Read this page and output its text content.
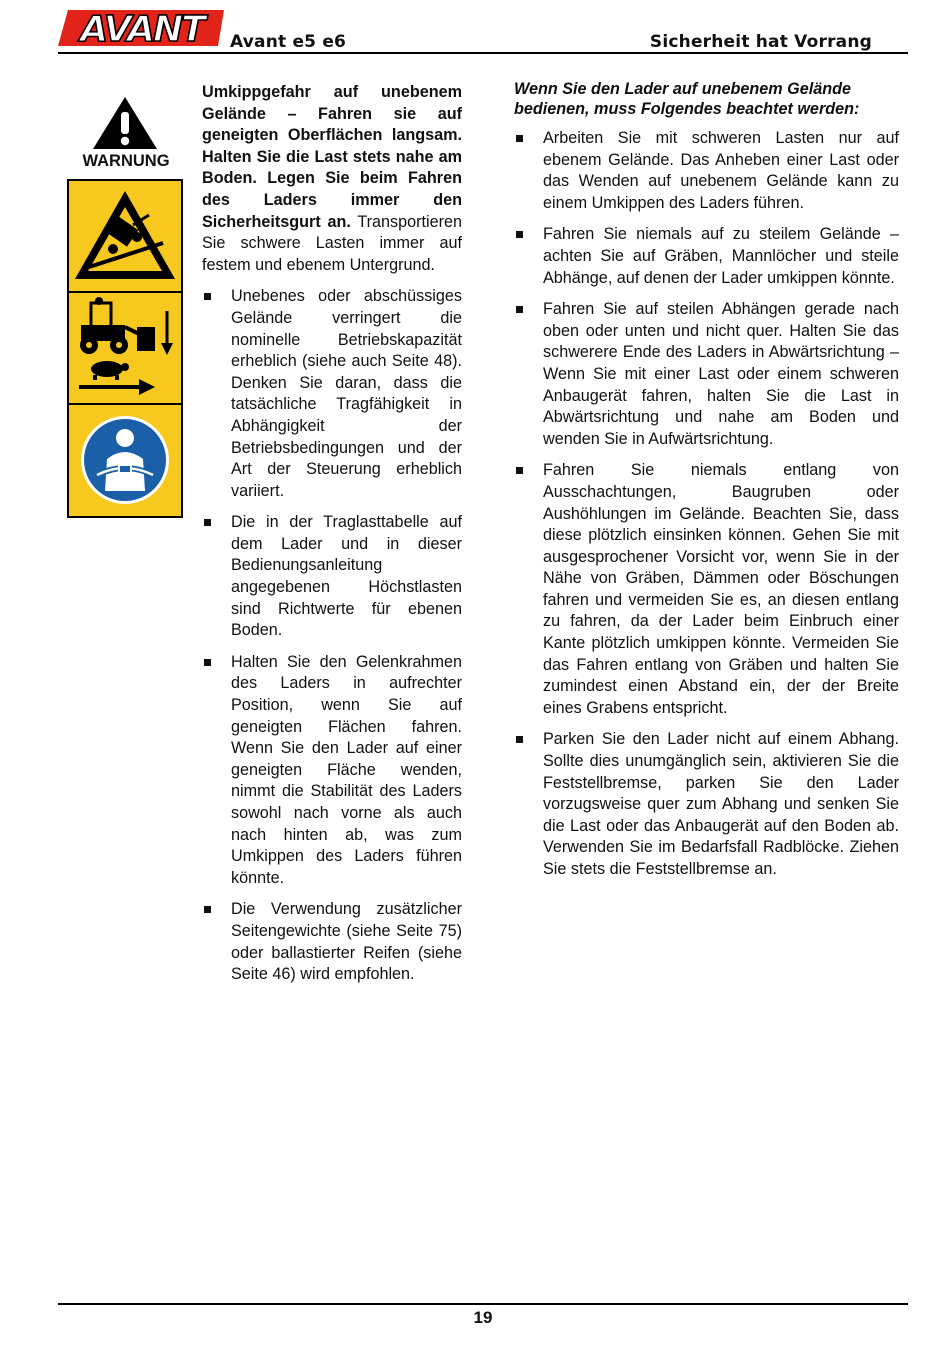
AVANT Avant e5 e6	Sicherheit hat Vorrang
WARNUNG

Umkippgefahr auf unebenem Gelände – Fahren sie auf geneigten Oberflächen langsam. Halten Sie die Last stets nahe am Boden. Legen Sie beim Fahren des Laders immer den Sicherheitsgurt an. Transportieren Sie schwere Lasten immer auf festem und ebenem Untergrund.

Unebenes oder abschüssiges Gelände verringert die nominelle Betriebskapazität erheblich (siehe auch Seite 48). Denken Sie daran, dass die tatsächliche Tragfähigkeit in Abhängigkeit der Betriebsbedingungen und der Art der Steuerung erheblich variiert.
Die in der Traglasttabelle auf dem Lader und in dieser Bedienungsanleitung angegebenen Höchstlasten sind Richtwerte für ebenen Boden.
Halten Sie den Gelenkrahmen des Laders in aufrechter Position, wenn Sie auf geneigten Flächen fahren. Wenn Sie den Lader auf einer geneigten Fläche wenden, nimmt die Stabilität des Laders sowohl nach vorne als auch nach hinten ab, was zum Umkippen des Laders führen könnte.
Die Verwendung zusätzlicher Seitengewichte (siehe Seite 75) oder ballastierter Reifen (siehe Seite 46) wird empfohlen.

Wenn Sie den Lader auf unebenem Gelände bedienen, muss Folgendes beachtet werden:

Arbeiten Sie mit schweren Lasten nur auf ebenem Gelände. Das Anheben einer Last oder das Wenden auf unebenem Gelände kann zu einem Umkippen des Laders führen.
Fahren Sie niemals auf zu steilem Gelände – achten Sie auf Gräben, Mannlöcher und steile Abhänge, auf denen der Lader umkippen könnte.
Fahren Sie auf steilen Abhängen gerade nach oben oder unten und nicht quer. Halten Sie das schwerere Ende des Laders in Abwärtsrichtung – Wenn Sie mit einer Last oder einem schweren Anbaugerät fahren, halten Sie die Last in Abwärtsrichtung und nahe am Boden und wenden Sie in Aufwärtsrichtung.
Fahren Sie niemals entlang von Ausschachtungen, Baugruben oder Aushöhlungen im Gelände. Beachten Sie, dass diese plötzlich einsinken können. Gehen Sie mit ausgesprochener Vorsicht vor, wenn Sie in der Nähe von Gräben, Dämmen oder Böschungen fahren und vermeiden Sie es, an diesen entlang zu fahren, da der Lader beim Einbruch einer Kante plötzlich umkippen könnte. Vermeiden Sie das Fahren entlang von Gräben und halten Sie zumindest einen Abstand ein, der der Breite eines Grabens entspricht.
Parken Sie den Lader nicht auf einem Abhang. Sollte dies unumgänglich sein, aktivieren Sie die Feststellbremse, parken Sie den Lader vorzugsweise quer zum Abhang und senken Sie die Last oder das Anbaugerät auf den Boden ab. Verwenden Sie im Bedarfsfall Radblöcke. Ziehen Sie stets die Feststellbremse an.
19
